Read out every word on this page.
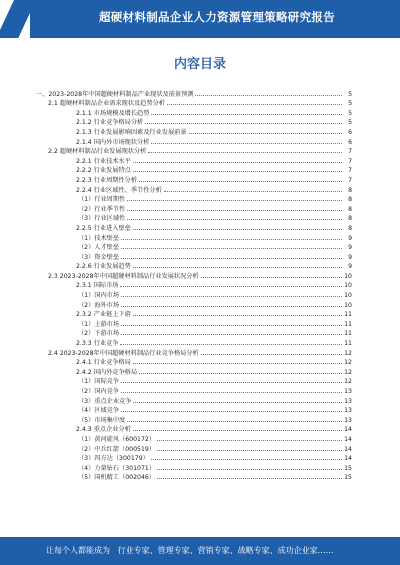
超硬材料制品企业人力资源管理策略研究报告
内容目录
一、2023-2028年中国超硬材料制品产业现状及前景预测	5
2.1 超硬材料制品企业需求现状及趋势分析	5
2.1.1 市场规模及增长趋势	5
2.1.2 行业竞争格局分析	5
2.1.3 行业发展影响因素及行业发展前景	6
2.1.4 国内外市场现状分析	6
2.2 超硬材料制品行业发展现状分析	7
2.2.1 行业技术水平	7
2.2.2 行业发展特点	7
2.2.3 行业周期性分析	7
2.2.4 行业区域性、季节性分析	8
（1）行业周期性	8
（2）行业季节性	8
（3）行业区域性	8
2.2.5 行业进入壁垒	8
（1）技术壁垒	9
（2）人才壁垒	9
（3）资金壁垒	9
2.2.6 行业发展趋势	9
2.3 2023-2028年中国超硬材料制品行业发展状况分析	10
2.3.1 国际市场	10
（1）国内市场	10
（2）海外市场	10
2.3.2 产业链上下游	11
（1）上游市场	11
（2）下游市场	11
2.3.3 行业竞争	11
2.4 2023-2028年中国超硬材料制品行业竞争格局分析	12
2.4.1 行业竞争格局	12
2.4.2 国内外竞争格局	12
（1）国际竞争	12
（2）国内竞争	13
（3）重点企业竞争	13
（4）区域竞争	13
（5）市场集中度	13
2.4.3 重点企业分析	14
（1）黄河旋风（600172）	14
（2）中兵红箭（000519）	14
（3）四方达（300179）	14
（4）力量钻石（301071）	15
（5）国机精工（002046）	15
让每个人都能成为 行业专家、管理专家、营销专家、战略专家、成功企业家……
